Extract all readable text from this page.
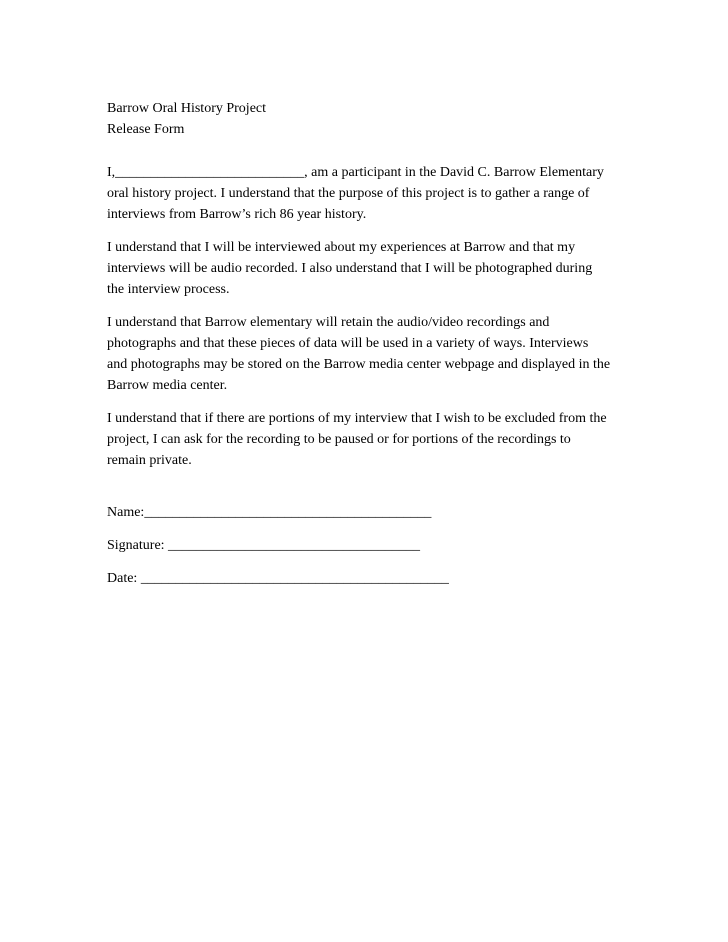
Barrow Oral History Project
Release Form
I,___________________________, am a participant in the David C. Barrow Elementary
oral history project. I understand that the purpose of this project is to gather a range of
interviews from Barrow’s rich 86 year history.
I understand that I will be interviewed about my experiences at Barrow and that my
interviews will be audio recorded. I also understand that I will be photographed during
the interview process.
I understand that Barrow elementary will retain the audio/video recordings and
photographs and that these pieces of data will be used in a variety of ways. Interviews
and photographs may be stored on the Barrow media center webpage and displayed in the
Barrow media center.
I understand that if there are portions of my interview that I wish to be excluded from the
project, I can ask for the recording to be paused or for portions of the recordings to
remain private.
Name:_________________________________________
Signature: ____________________________________
Date: ____________________________________________
